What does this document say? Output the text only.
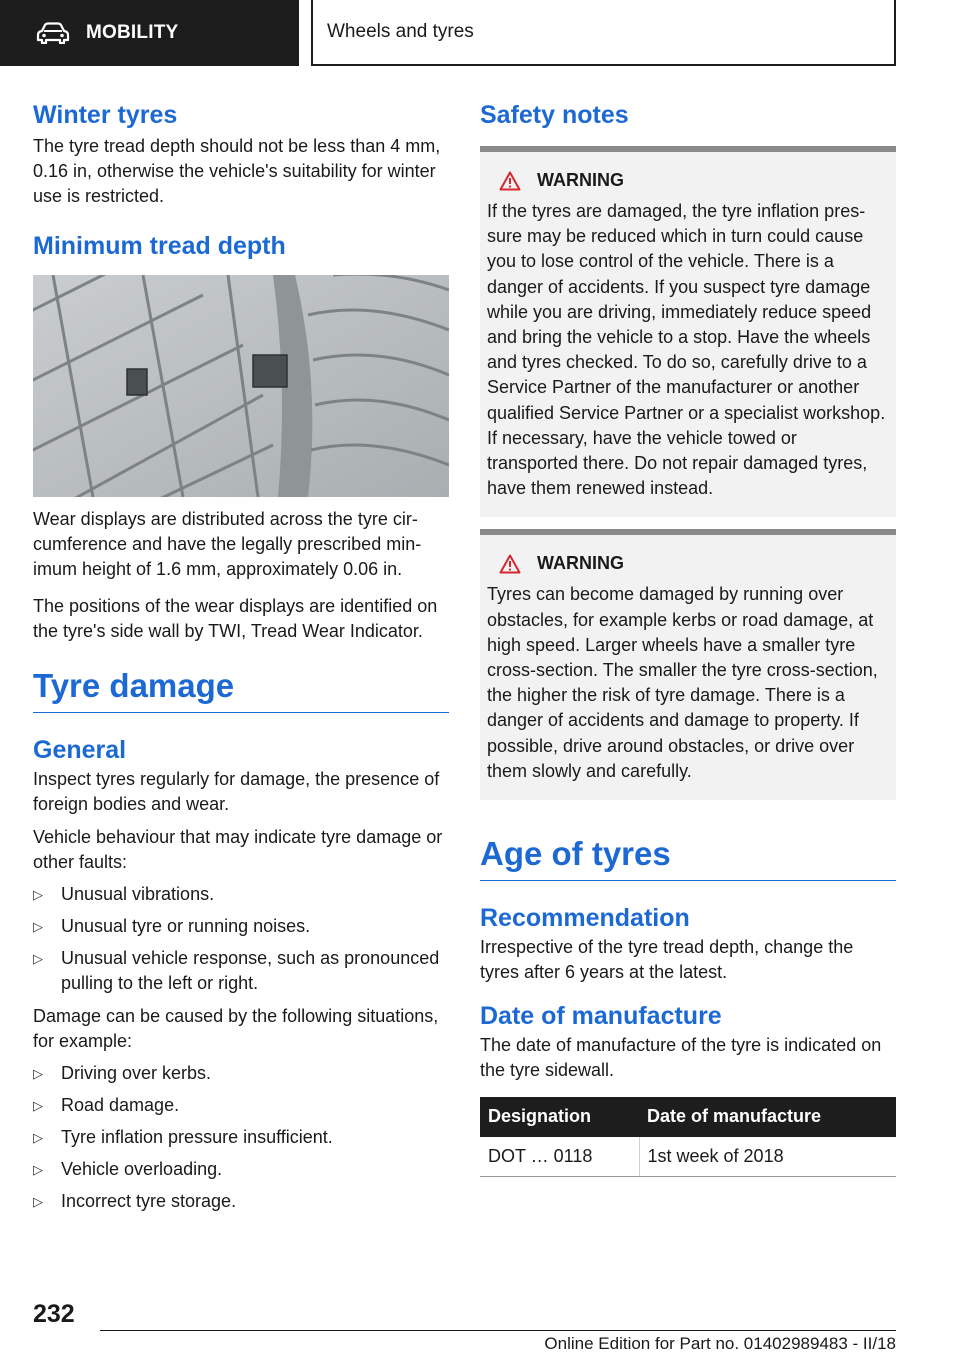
MOBILITY	Wheels and tyres
Winter tyres

The tyre tread depth should not be less than 4 mm, 0.16 in, otherwise the vehicle's suitability for winter use is restricted.

Minimum tread depth

Wear displays are distributed across the tyre circumference and have the legally prescribed minimum height of 1.6 mm, approximately 0.06 in.

The positions of the wear displays are identified on the tyre's side wall by TWI, Tread Wear Indicator.

Tyre damage
General

Inspect tyres regularly for damage, the presence of foreign bodies and wear.

Vehicle behaviour that may indicate tyre damage or other faults:

▷ Unusual vibrations.
▷ Unusual tyre or running noises.
▷ Unusual vehicle response, such as pronounced pulling to the left or right.

Damage can be caused by the following situations, for example:

▷ Driving over kerbs.
▷ Road damage.
▷ Tyre inflation pressure insufficient.
▷ Vehicle overloading.
▷ Incorrect tyre storage.
Safety notes
WARNING

If the tyres are damaged, the tyre inflation pressure may be reduced which in turn could cause you to lose control of the vehicle. There is a danger of accidents. If you suspect tyre damage while you are driving, immediately reduce speed and bring the vehicle to a stop. Have the wheels and tyres checked. To do so, carefully drive to a Service Partner of the manufacturer or another qualified Service Partner or a specialist workshop. If necessary, have the vehicle towed or transported there. Do not repair damaged tyres, have them renewed instead.

WARNING

Tyres can become damaged by running over obstacles, for example kerbs or road damage, at high speed. Larger wheels have a smaller tyre cross-section. The smaller the tyre cross-section, the higher the risk of tyre damage. There is a danger of accidents and damage to property. If possible, drive around obstacles, or drive over them slowly and carefully.

Age of tyres
Recommendation

Irrespective of the tyre tread depth, change the tyres after 6 years at the latest.

Date of manufacture

The date of manufacture of the tyre is indicated on the tyre sidewall.

Designation	Date of manufacture
DOT … 0118	1st week of 2018
232
Online Edition for Part no. 01402989483 - II/18
